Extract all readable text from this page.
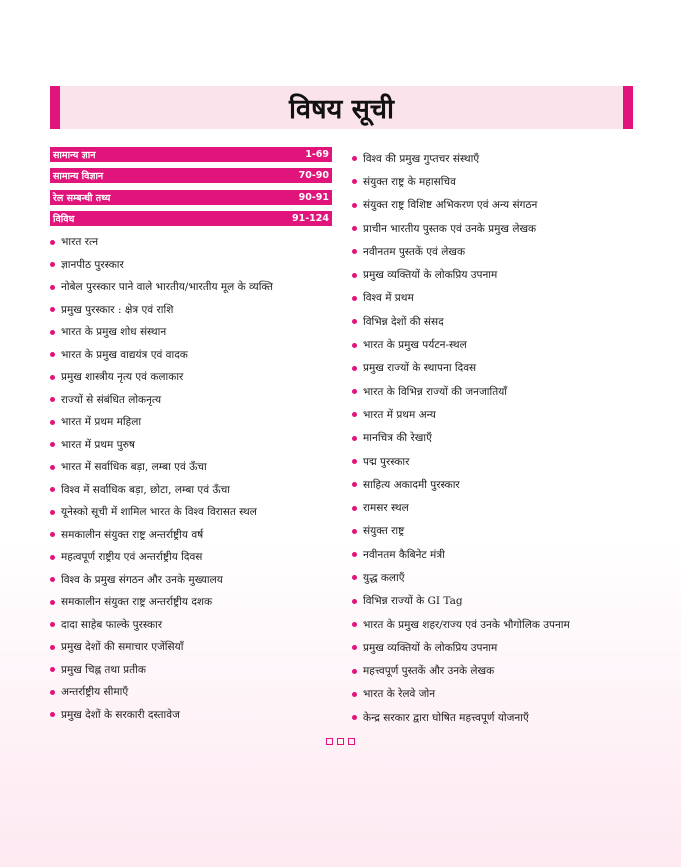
विषय सूची
सामान्य ज्ञान	1-69
सामान्य विज्ञान	70-90
रेल सम्बन्धी तथ्य	90-91
विविध	91-124
भारत रत्न
ज्ञानपीठ पुरस्कार
नोबेल पुरस्कार पाने वाले भारतीय/भारतीय मूल के व्यक्ति
प्रमुख पुरस्कार : क्षेत्र एवं राशि
भारत के प्रमुख शोध संस्थान
भारत के प्रमुख वाद्ययंत्र एवं वादक
प्रमुख शास्त्रीय नृत्य एवं कलाकार
राज्यों से संबंधित लोकनृत्य
भारत में प्रथम महिला
भारत में प्रथम पुरुष
भारत में सर्वाधिक बड़ा, लम्बा एवं ऊँचा
विश्व में सर्वाधिक बड़ा, छोटा, लम्बा एवं ऊँचा
यूनेस्को सूची में शामिल भारत के विश्व विरासत स्थल
समकालीन संयुक्त राष्ट्र अन्तर्राष्ट्रीय वर्ष
महत्वपूर्ण राष्ट्रीय एवं अन्तर्राष्ट्रीय दिवस
विश्व के प्रमुख संगठन और उनके मुख्यालय
समकालीन संयुक्त राष्ट्र अन्तर्राष्ट्रीय दशक
दादा साहेब फाल्के पुरस्कार
प्रमुख देशों की समाचार एजेंसियाँ
प्रमुख चिह्न तथा प्रतीक
अन्तर्राष्ट्रीय सीमाएँ
प्रमुख देशों के सरकारी दस्तावेज
विश्व की प्रमुख गुप्तचर संस्थाएँ
संयुक्त राष्ट्र के महासचिव
संयुक्त राष्ट्र विशिष्ट अभिकरण एवं अन्य संगठन
प्राचीन भारतीय पुस्तक एवं उनके प्रमुख लेखक
नवीनतम पुस्तकें एवं लेखक
प्रमुख व्यक्तियों के लोकप्रिय उपनाम
विश्व में प्रथम
विभिन्न देशों की संसद
भारत के प्रमुख पर्यटन-स्थल
प्रमुख राज्यों के स्थापना दिवस
भारत के विभिन्न राज्यों की जनजातियाँ
भारत में प्रथम अन्य
मानचित्र की रेखाएँ
पद्म पुरस्कार
साहित्य अकादमी पुरस्कार
रामसर स्थल
संयुक्त राष्ट्र
नवीनतम कैबिनेट मंत्री
युद्ध कलाएँ
विभिन्न राज्यों के GI Tag
भारत के प्रमुख शहर/राज्य एवं उनके भौगोलिक उपनाम
प्रमुख व्यक्तियों के लोकप्रिय उपनाम
महत्त्वपूर्ण पुस्तकें और उनके लेखक
भारत के रेलवे जोन
केन्द्र सरकार द्वारा घोषित महत्त्वपूर्ण योजनाएँ
